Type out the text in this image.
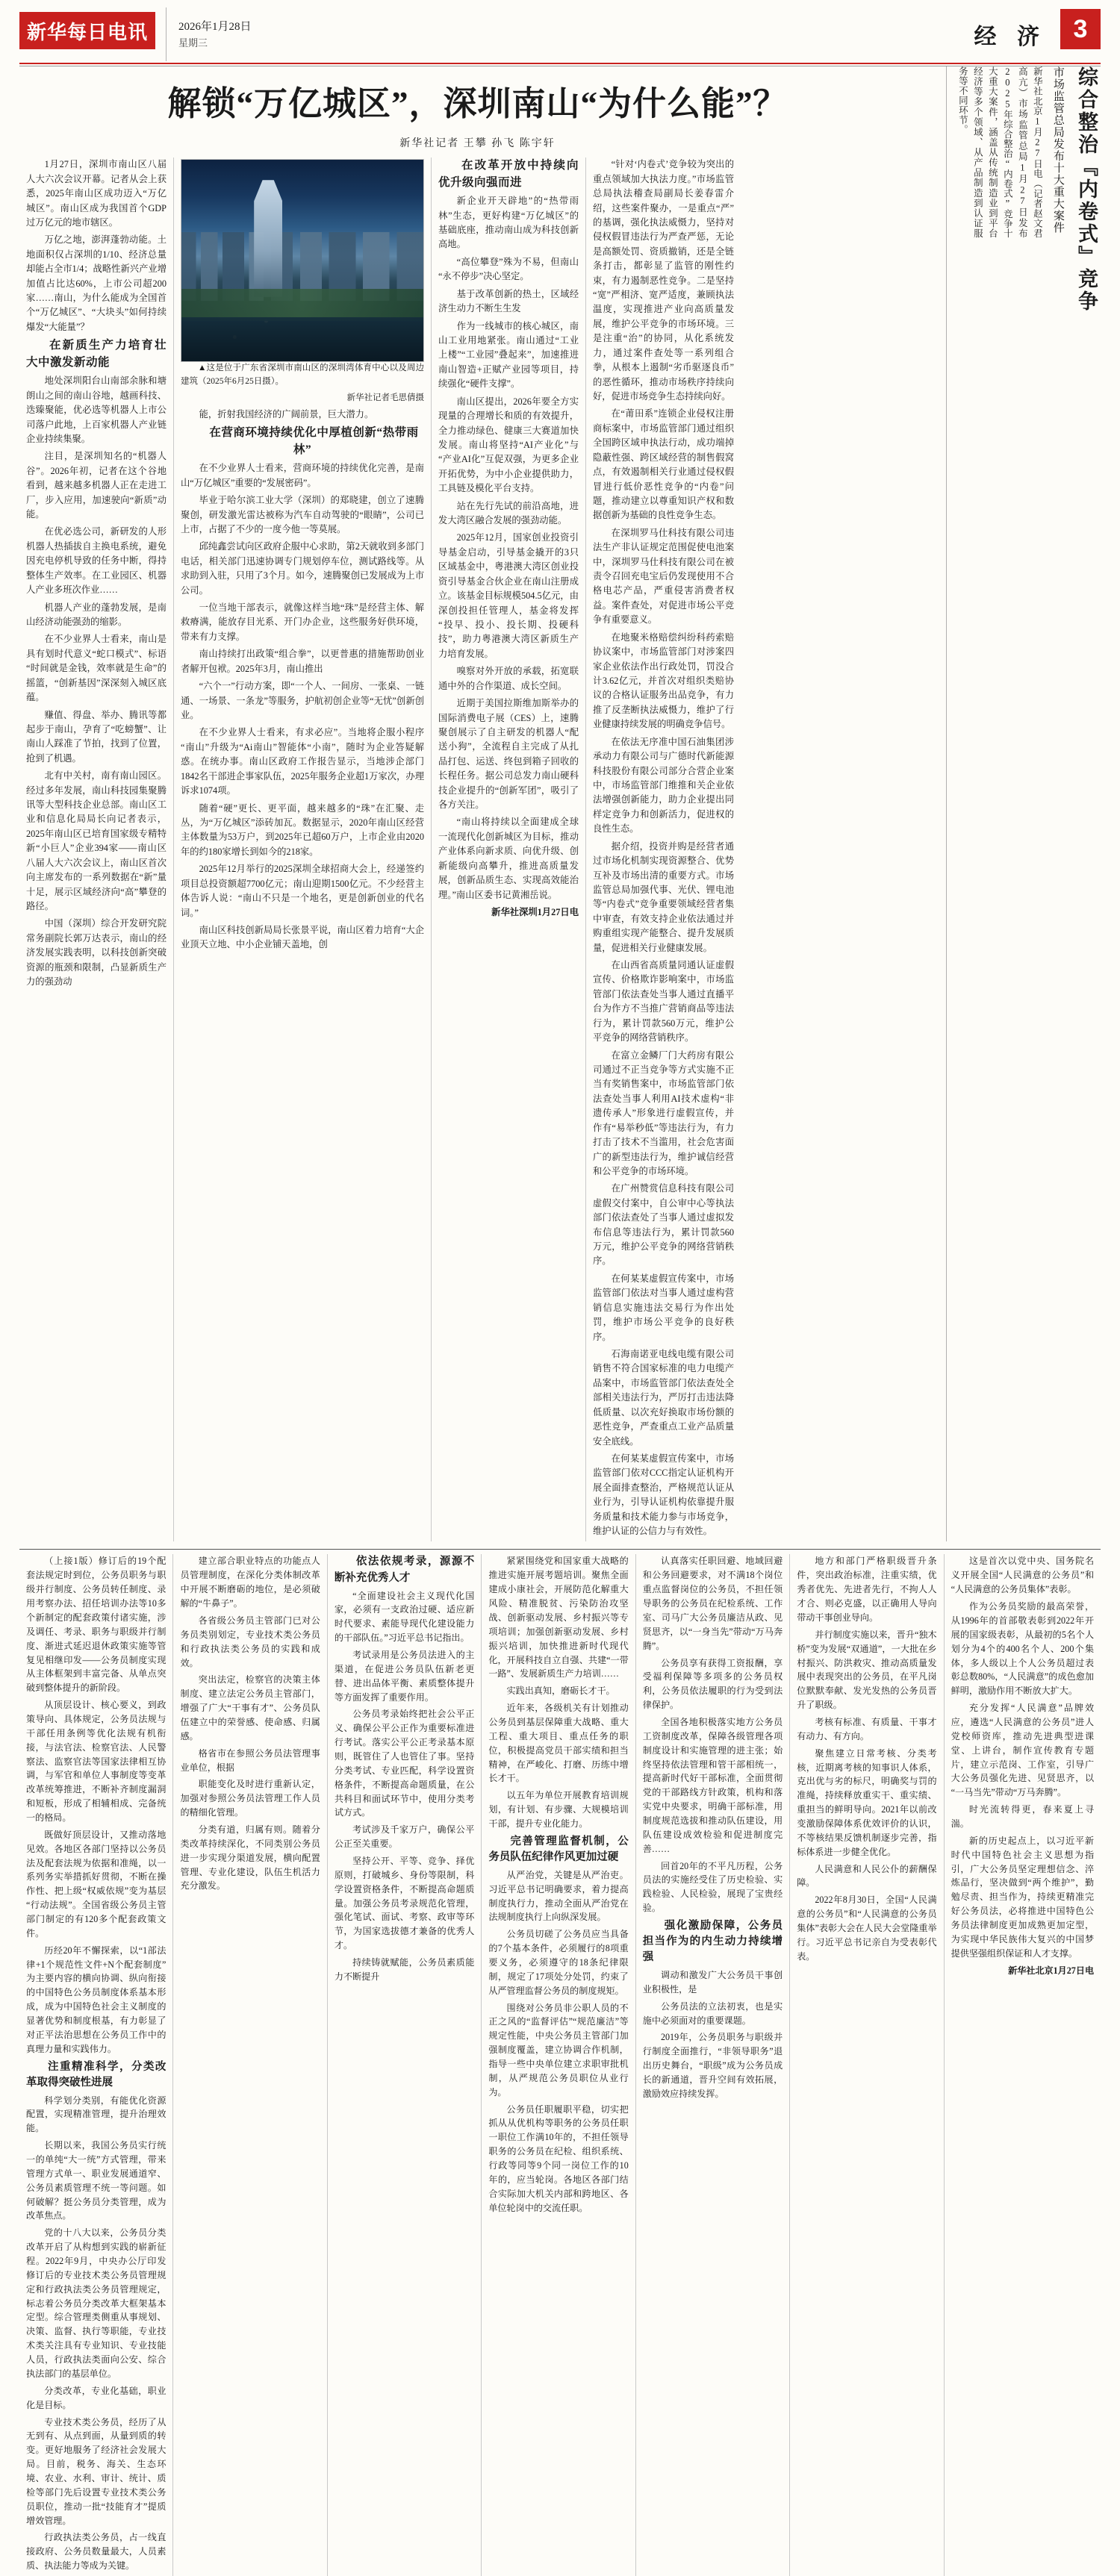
新华每日电讯	2026年1月28日
星期三	经 济	3
解锁“万亿城区”，深圳南山“为什么能”？
新华社记者 王攀 孙飞 陈宇轩

1月27日，深圳市南山区八届人大六次会议开幕。记者从会上获悉，2025年南山区成功迈入“万亿城区”。南山区成为我国首个GDP过万亿元的地市辖区。

万亿之地，澎湃蓬勃动能。土地面积仅占深圳的1/10、经济总量却能占全市1/4；战略性新兴产业增加值占比达60%，上市公司超200家……南山，为什么能成为全国首个“万亿城区”、“大块头”如何持续爆发“大能量”？

在新质生产力培育壮大中激发新动能

地处深圳阳台山南部余脉和塘朗山之间的南山谷地，越画科技、迭臻聚能，优必选等机器人上市公司落户此地，上百家机器人产业链企业持续集聚。

注目，是深圳知名的“机器人谷”。2026年初，记者在这个谷地看到，越来越多机器人正在走进工厂，步入应用，加速驶向“新质”动能。

在优必选公司，新研发的人形机器人热插拔自主换电系统，避免因充电停机导致的任务中断，得持整体生产效率。在工业园区、机器人产业多班次作业……

机器人产业的蓬勃发展，是南山经济动能强劲的缩影。

在不少业界人士看来，南山是具有划时代意义“蛇口模式”、标语“时间就是金钱，效率就是生命”的摇篮，“创新基因”深深刻入城区底蕴。

赚值、得盘、举办、腾讯等都起步于南山，孕育了“吃螃蟹”、让南山人踩准了节拍，找到了位置，抢到了机遇。

北有中关村，南有南山园区。经过多年发展，南山科技园集聚腾讯等大型科技企业总部。南山区工业和信息化局局长向记者表示，2025年南山区已培育国家级专精特新“小巨人”企业394家——南山区八届人大六次会议上，南山区首次向主席发布的一系列数据在“新”量十足，展示区域经济向“高”攀登的路径。

中国（深圳）综合开发研究院常务副院长郭万达表示，南山的经济发展实践表明，以科技创新突破资源的瓶颈和限制，凸显新质生产力的强劲动

▲这是位于广东省深圳市南山区的深圳湾体育中心以及周边建筑（2025年6月25日摄）。

新华社记者毛思倩摄

能，折射我国经济的广阔前景，巨大潜力。

在营商环境持续优化中厚植创新“热带雨林”

在不少业界人士看来，营商环境的持续优化完善，是南山“万亿城区”重要的“发展密码”。

毕业于哈尔滨工业大学（深圳）的郑晓建，创立了速腾聚创，研发激光雷达被称为汽车自动驾驶的“眼睛”，公司已上市，占据了不少的一度今他一等莫展。

邱纯鑫尝试向区政府企服中心求助，第2天就收到多部门电话，相关部门迅速协调专门规划停车位，测试路线等。从求助到入驻，只用了3个月。如今，速腾聚创已发展成为上市公司。

一位当地干部表示，就像这样当地“珠”是经营主体、解救瘠满，能放存目光系、开门办企业，这些服务好供环境，带来有力支撑。

南山持续打出政策“组合拳”，以更普惠的措施帮助创业者解开包袱。2025年3月，南山推出

“六个一”行动方案，即“一个人、一间房、一张桌、一链通、一场景、一条龙”等服务，护航初创企业等“无忧”创新创业。

在不少业界人士看来，有求必应”。当地将企服小程序“南山”升级为“Ai南山”智能体“小南”，随时为企业答疑解惑。在统办事。南山区政府工作报告显示，当地涉企部门1842名干部进企事家队伍，2025年服务企业超1万家次，办理诉求1074项。

随着“硬”更长、更平面，越来越多的“珠”在汇聚、走丛，为“万亿城区”添砖加瓦。数据显示，2020年南山区经营主体数量为53万户，到2025年已超60万户，上市企业由2020年的约180家增长到如今的218家。

2025年12月举行的2025深圳全球招商大会上，经递签约项目总投资额超7700亿元；南山迎期1500亿元。不少经营主体告诉人说：“南山不只是一个地名，更是创新创业的代名词。”

南山区科技创新局局长张景平说，南山区着力培育“大企业顶天立地、中小企业铺天盖地，创

在改革开放中持续向优升级向强而进

新企业开天辟地”的“热带雨林”生态，更好构建“万亿城区”的基础底座，推动南山成为科技创新高地。

“高位攀登”殊为不易，但南山“永不停步”决心坚定。

基于改革创新的热土，区域经济生动力不断生生发

作为一线城市的核心城区，南山工业用地紧张。南山通过“工业上楼”“工业园”叠起来”，加速推进南山智造+正赋产业园等项目，持续强化“硬件支撑”。

南山区提出，2026年要全方实现量的合理增长和质的有效提升，全力推动绿色、健康三大赛道加快发展。南山将坚持“AI产业化”与“产业AI化”互促双强，为更多企业开拓优势，为中小企业提供助力，工具链及模化平台支持。

站在先行先试的前沿高地，进发大湾区融合发展的强劲动能。

2025年12月，国家创业投资引导基金启动，引导基金撬开的3只区域基金中，粤港澳大湾区创业投资引导基金合伙企业在南山注册成立。该基金目标规模504.5亿元，由深创投担任管理人，基金将发挥“投早、投小、投长期、投硬科技”，助力粤港澳大湾区新质生产力培育发展。

嗅察对外开放的承载，拓宽联通中外的合作渠道、成长空间。

近期于美国拉斯维加斯举办的国际消费电子展（CES）上，速腾聚创展示了自主研发的机器人“配送小狗”，全流程自主完成了从扎品打包、运送、终包到箱子回收的长程任务。据公司总发力南山硬科技企业提升的“创新军团”，吸引了各方关注。

“南山将持续以全面建成全球一流现代化创新城区为目标，推动产业体系向新求质、向优升级、创新能级向高攀升，推进高质量发展，创新品质生态、实现高效能治理。”南山区委书记黄湘岳说。

新华社深圳1月27日电

“针对‘内卷式’竞争较为突出的重点领域加大执法力度。”市场监管总局执法稽查局副局长姜春雷介绍，这些案件聚办，一是重点“严”的基调，强化执法威慑力，坚持对侵权假冒违法行为严查严惩，无论是高额处罚、资质撤销，还是全链条打击，都彰显了监管的刚性约束，有力遏制恶性竞争。二是坚持“宽”严相济、宽严适度，兼顾执法温度，实现推进产业向高质量发展，维护公平竞争的市场环境。三是注重“治”的协同，从化系统发力，通过案件查处等一系列组合拳，从根本上遏制“劣币驱逐良币”的恶性循环，推动市场秩序持续向好，促进市场竞争生态持续向好。

在“莆田系”连锁企业侵权注册商标案中，市场监管部门通过组织全国跨区域申执法行动，成功端掉隐蔽性强、跨区域经营的制售假窝点，有效遏制相关行业通过侵权假冒进行低价恶性竞争的“内卷”问题，推动建立以尊重知识产权和数据创新为基础的良性竞争生态。

在深圳罗马仕科技有限公司违法生产非认证规定范围促使电池案中，深圳罗马仕科技有限公司在被责令召回充电宝后仍发现使用不合格电芯产品，严重侵害消费者权益。案件查处，对促进市场公平竞争有重要意义。

在地聚米格赔偿纠纷科药索赔协议案中，市场监管部门对涉案四家企业依法作出行政处罚，罚没合计3.62亿元，并首次对组织类赔协议的合格认证服务出品竞争，有力推了反垄断执法威慑力，维护了行业健康持续发展的明确竞争信号。

在依法无序准中国石油集团涉承动力有限公司与广德时代新能源科技股份有限公司部分合营企业案中，市场监管部门维推和关企业依法增强创新能力，助力企业提出同样定竞争力和创新活力，促进权的良性生态。

据介绍，投资并购是经营者通过市场化机制实现资源整合、优势互补及市场出清的重要方式。市场监管总局加强代事、光伏、锂电池等“内卷式”竞争重要领域经营者集中审查，有效支持企业依法通过并购重组实现产能整合、提升发展质量，促进相关行业健康发展。

在山西省高质量同通认证虚假宣传、价格欺诈影响案中，市场监管部门依法查处当事人通过直播平台为作方不当推广营销商品等违法行为，累计罚款560万元，维护公平竞争的网络营销秩序。

在富立金鳞厂门大药房有限公司通过不正当竞争等方式实施不正当有奖销售案中，市场监管部门依法查处当事人利用AI技术虚构“非遗传承人”形象进行虚假宣传，并作有“易举秒低”等违法行为，有力打击了技术不当滥用，社会危害面广的新型违法行为，维护诚信经营和公平竞争的市场环境。

在广州赞赏信息科技有限公司虚假交付案中，自公审中心等执法部门依法查处了当事人通过虚拟发布信息等违法行为，累计罚款560万元，维护公平竞争的网络营销秩序。

在何某某虚假宣传案中，市场监管部门依法对当事人通过虚构营销信息实施违法交易行为作出处罚，维护市场公平竞争的良好秩序。

石海南诺亚电线电缆有限公司销售不符合国家标准的电力电缆产品案中，市场监管部门依法查处全部相关违法行为，严厉打击违法降低质量、以次充好换取市场份额的恶性竞争，严查重点工业产品质量安全底线。

在何某某虚假宣传案中，市场监管部门依对CCC指定认证机构开展全面排查整治，严格规范认证从业行为，引导认证机构依靠提升服务质量和技术能力参与市场竞争，维护认证的公信力与有效性。

综合整治『内卷式』竞争
市场监管总局发布十大重大案件
新华社北京1月27日电（记者赵文君 高亢）市场监管总局1月27日发布2025年综合整治“内卷式”竞争十大重大案件，涵盖从传统制造业到平台经济等多个领域、从产品制造到认证服务等不同环节。

（上接1版）修订后的19个配套法规定时到位，公务员职务与职级并行制度、公务员转任制度、录用考察办法、招任培训办法等10多个新制定的配套政策付诸实施，涉及调任、考录、职务与职级并行制度、渐进式延迟退休政策实施等管复见相继印发——公务员制度实现从主体框架到丰富完备、从单点突破到整体提升的新阶段。

从顶层设计、核心要义，到政策导向、具体规定，公务员法规与干部任用条例等优化法规有机衔接，与法官法、检察官法、人民警察法、监察官法等国家法律相互协调，与军官和单位人事制度等变革改革统筹推进，不断补齐制度漏洞和短板，形成了相辅相成、完备统一的格局。

既做好顶层设计，又推动落地见效。各地区各部门坚持以公务员法及配套法规为依据和准绳，以一系列务实举措抓好贯彻，不断在操作性、把上级“权威依规”变为基层“行动法规”。全国省级公务员主管部门制定的有120多个配套政策文件。

历经20年不懈探索，以“1部法律+1个规范性文件+N个配套制度”为主要内容的横向协调、纵向衔接的中国特色公务员制度体系基本形成，成为中国特色社会主义制度的显著优势和制度根基，有力彰显了对正平法治思想在公务员工作中的真理力量和实践伟力。

注重精准科学，分类改革取得突破性进展

科学划分类别，有能优化资源配置，实现精准管理，提升治理效能。

长期以来，我国公务员实行统一的单纯“大一统”方式管理，带来管理方式单一、职业发展通道窄、公务员素质管理不统一等问题。如何破解？挺公务员分类管理，成为改革焦点。

党的十八大以来，公务员分类改革开启了从构想到实践的崭新征程。2022年9月，中央办公厅印发修订后的专业技术类公务员管理规定和行政执法类公务员管理规定，标志着公务员分类改革大框架基本定型。综合管理类侧重从事规划、决策、监督、执行等职能，专业技术类关注具有专业知识、专业技能人员，行政执法类面向公安、综合执法部门的基层单位。

分类改革，专业化基础，职业化是目标。

专业技术类公务员，经历了从无到有、从点到面，从量到质的转变。更好地服务了经济社会发展大局。目前，税务、海关、生态环境、农业、水利、审计、统计、质检等部门先后设置专业技术类公务员职位，推动一批“技能育才”提质增效管理。

行政执法类公务员，占一线直接政府、公务员数量最大，人员素质、执法能力等成为关键。

建立部合职业特点的功能点人员管理制度，在深化分类体制改革中开展不断磨砺的地位，是必须破解的“牛鼻子”。

各省级公务员主管部门已对公务员类别划定，专业技术类公务员和行政执法类公务员的实践和成效。

突出法定，检察官的决策主体制度、建立法定公务员主管部门，增强了广大“干事有才”、公务员队伍建立中的荣誉感、使命感、归属感。

格省市在参照公务员法管理事业单位，根据

职能变化及时进行重新认定，加强对参照公务员法管理工作人员的精细化管理。

分类有道，归属有则。随着分类改革持续深化，不同类别公务员进一步实现分渠道发展，横向配置管理、专业化建设，队伍生机活力充分激发。

依法依规考录，源源不断补充优秀人才

“全面建设社会主义现代化国家，必须有一支政治过硬、适应新时代要求、素能导现代化建设能力的干部队伍。”习近平总书记指出。

考试录用是公务员法进入的主渠道，在促进公务员队伍新老更替、进出品体平衡、素质整体提升等方面发挥了重要作用。

公务员考录始终把社会公平正义、确保公平公正作为重要标准进行考试。落实公平公正考录基本原则，既管住了人也管住了事。坚持分类考试、专业匹配，科学设置资格条件，不断提高命题质量，在公共科目和面试环节中，使用分类考试方式。

考试涉及千家万户，确保公平公正至关重要。

坚持公开、平等、竞争、择优原则，打破城乡、身份等限制，科学设置资格条件，不断提高命题质量。加强公务员考录规范化管理，强化笔试、面试、考察、政审等环节，为国家选拔德才兼备的优秀人才。

持续铸就赋能，公务员素质能力不断提升

紧紧围绕党和国家重大战略的推进实施开展考题培训。聚焦全面建成小康社会，开展防范化解重大风险、精准脱贫、污染防治攻坚战、创新驱动发展、乡村振兴等专项培训；加强创新驱动发展、乡村振兴培训，加快推进新时代现代化，开展科技自立自强、共建“一带一路”、发展新质生产力培训……

实践出真知，磨砺长才干。

近年来，各级机关有计划推动公务员到基层保障重大战略、重大工程、重大项目、重点任务的职位，积极提高党员干部实绩和担当精神，在严峻化、打磨、历练中增长才干。

以五年为单位开展教育培训规划，有计划、有步骤、大规模培训干部，提升专业化能力。

完善管理监督机制，公务员队伍纪律作风更加过硬

从严治党，关键是从严治吏。习近平总书记明确要求，着力提高制度执行力，推动全面从严治党在法规制度执行上向纵深发展。

公务员切磋了公务员应当具备的7个基本条件，必须履行的8项重要义务，必须遵守的18条纪律限制，规定了17项处分处罚，约束了从严管理监督公务员的制度规矩。

围绕对公务员非公职人员的不正之风的“监督评估”“规范廉洁”等规定性能，中央公务员主管部门加强制度覆盖，建立协调合作机制，指导一些中央单位建立求职审批机制，从严规范公务员职位从业行为。

公务员任职履职平稳，切实把抓从从优机构等职务的公务员任职一职位工作满10年的，不担任领导职务的公务员在纪检、组织系统、行政等同等9个同一岗位工作的10年的，应当轮岗。各地区各部门结合实际加大机关内部和跨地区、各单位轮岗中的交流任职。

认真落实任职回避、地域回避和公务回避要求，对不满18个岗位重点监督岗位的公务员，不担任领导职务的公务员在纪检系统、工作室、司马广大公务员廉洁从政、见贤思齐，以“一身当先”带动“万马奔腾”。

公务员享有获得工资报酬，享受福利保障等多项多的公务员权利，公务员依法履职的行为受到法律保护。

全国各地积极落实地方公务员工资制度改革，保障各级管理各项制度设计和实施管理的进主张；始终坚持依法管理和管干部相统一，提高新时代好干部标准，全面贯彻党的干部路线方针政策，机构和落实党中央要求，明确干部标准，用制度规范选拔和推动队伍建设，用队伍建设成效检验和促进制度完善……

回首20年的不平凡历程，公务员法的实施经受住了历史检验、实践检验、人民检验，展现了宝贵经验。

强化激励保障，公务员担当作为的内生动力持续增强

调动和激发广大公务员干事创业积极性，是

公务员法的立法初衷，也是实施中必须面对的重要课题。

2019年，公务员职务与职级并行制度全面推行，“非领导职务”退出历史舞台，“职级”成为公务员成长的新通道，晋升空间有效拓展，激励效应持续发挥。

地方和部门严格职级晋升条件，突出政治标准，注重实绩，优秀者优先、先进者先行，不拘人人才合、则必克盛，以正确用人导向带动干事创业导向。

并行制度实施以来，晋升“独木桥”变为发展“双通道”，一大批在乡村振兴、防洪救灾、推动高质量发展中表现突出的公务员，在平凡岗位默默奉献、发光发热的公务员晋升了职级。

考核有标准、有质量、干事才有动力、有方向。

聚焦建立日常考核、分类考核，近期离考核的知事识人体系，克出优与劣的标尺，明确奖与罚的准绳，持续释放重实干、重实绩、重担当的鲜明导向。2021年以前改变激励保障体系优效评价的认识，不等核结果反馈机制逐步完善，指标体系进一步健全优化。

人民满意和人民公仆的薪酬保障。

2022年8月30日，全国“人民满意的公务员”和“人民满意的公务员集体”表彰大会在人民大会堂隆重举行。习近平总书记亲自为受表彰代表。

这是首次以党中央、国务院名义开展全国“人民满意的公务员”和“人民满意的公务员集体”表彰。

作为公务员奖励的最高荣誉，从1996年的首部敬表彰到2022年开展的国家级表彰，从最初的5名个人划分为4个的400名个人、200个集体，多人级以上个人公务员超过表彰总数80%，“人民满意”的成色愈加鲜明，激励作用不断放大扩大。

充分发挥“人民满意”品牌效应，遴选“人民满意的公务员”进人党校师资库，推动先进典型进课堂、上讲台，制作宣传教育专题片，建立示范岗、工作室，引导广大公务员强化先进、见贤思齐，以“一马当先”带动“万马奔腾”。

时光流转得更，春来夏上寻湍。

新的历史起点上，以习近平新时代中国特色社会主义思想为指引，广大公务员坚定理想信念、淬炼品行，坚决做到“两个维护”，勤勉尽责、担当作为，持续更精准完好公务员法，必将推进中国特色公务员法律制度更加成熟更加定型，为实现中华民族伟大复兴的中国梦提供坚强组织保证和人才支撑。

新华社北京1月27日电
